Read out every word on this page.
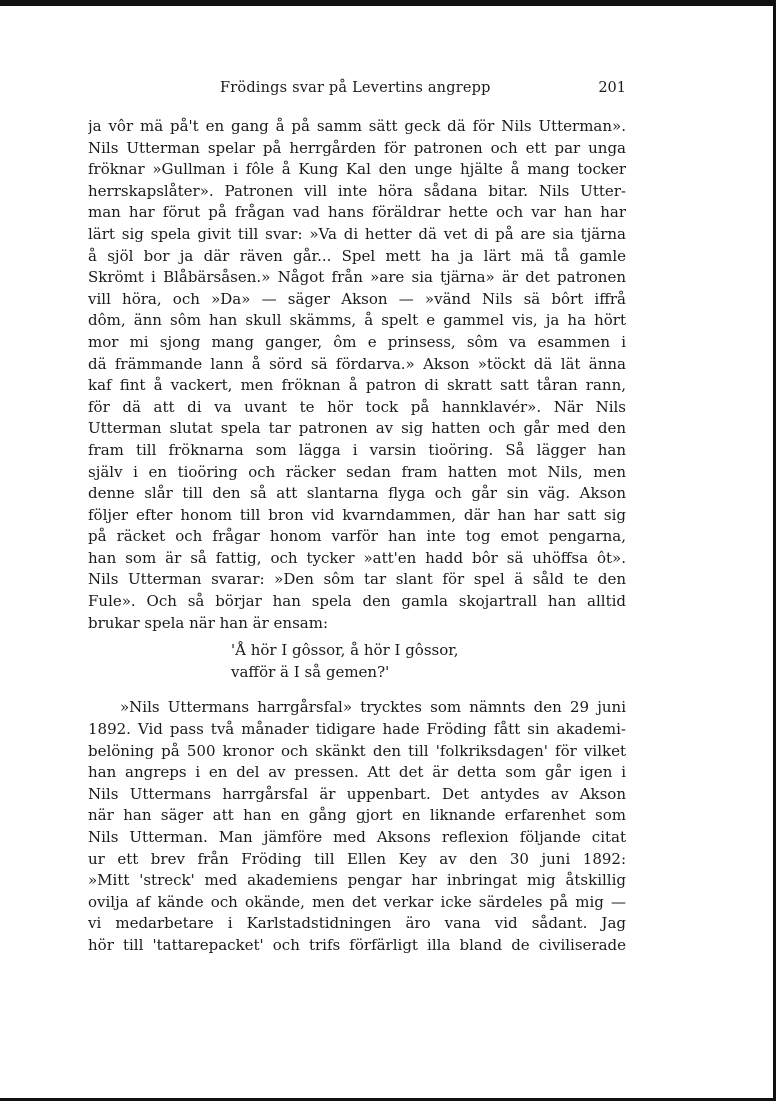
Frödings svar på Levertins angrepp	201
ja vôr mä på't en gang å på samm sätt geck dä för Nils Utterman».
Nils Utterman spelar på herrgården för patronen och ett par unga
fröknar »Gullman i fôle å Kung Kal den unge hjälte å mang tocker
herrskapslåter». Patronen vill inte höra sådana bitar. Nils Utter-
man har förut på frågan vad hans föräldrar hette och var han har
lärt sig spela givit till svar: »Va di hetter dä vet di på are sia tjärna
å sjöl bor ja där räven går... Spel mett ha ja lärt mä tå gamle
Skrömt i Blåbärsåsen.» Något från »are sia tjärna» är det patronen
vill höra, och »Da» — säger Akson — »vänd Nils sä bôrt iffrå
dôm, änn sôm han skull skämms, å spelt e gammel vis, ja ha hört
mor mi sjong mang ganger, ôm e prinsess, sôm va esammen i
dä främmande lann å sörd sä fördarva.» Akson »töckt dä lät änna
kaf fint å vackert, men fröknan å patron di skratt satt tåran rann,
för dä att di va uvant te hör tock på hannklavér». När Nils
Utterman slutat spela tar patronen av sig hatten och går med den
fram till fröknarna som lägga i varsin tioöring. Så lägger han
själv i en tioöring och räcker sedan fram hatten mot Nils, men
denne slår till den så att slantarna flyga och går sin väg. Akson
följer efter honom till bron vid kvarndammen, där han har satt sig
på räcket och frågar honom varför han inte tog emot pengarna,
han som är så fattig, och tycker »att'en hadd bôr sä uhöffsa ôt».
Nils Utterman svarar: »Den sôm tar slant för spel ä såld te den
Fule». Och så börjar han spela den gamla skojartrall han alltid
brukar spela när han är ensam:
'Å hör I gôssor, å hör I gôssor,
vafför ä I så gemen?'
»Nils Uttermans harrgårsfal» trycktes som nämnts den 29 juni
1892. Vid pass två månader tidigare hade Fröding fått sin akademi-
belöning på 500 kronor och skänkt den till 'folkriksdagen' för vilket
han angreps i en del av pressen. Att det är detta som går igen i
Nils Uttermans harrgårsfal är uppenbart. Det antydes av Akson
när han säger att han en gång gjort en liknande erfarenhet som
Nils Utterman. Man jämföre med Aksons reflexion följande citat
ur ett brev från Fröding till Ellen Key av den 30 juni 1892:
»Mitt 'streck' med akademiens pengar har inbringat mig åtskillig
ovilja af kände och okände, men det verkar icke särdeles på mig —
vi medarbetare i Karlstadstidningen äro vana vid sådant. Jag
hör till 'tattarepacket' och trifs förfärligt illa bland de civiliserade
